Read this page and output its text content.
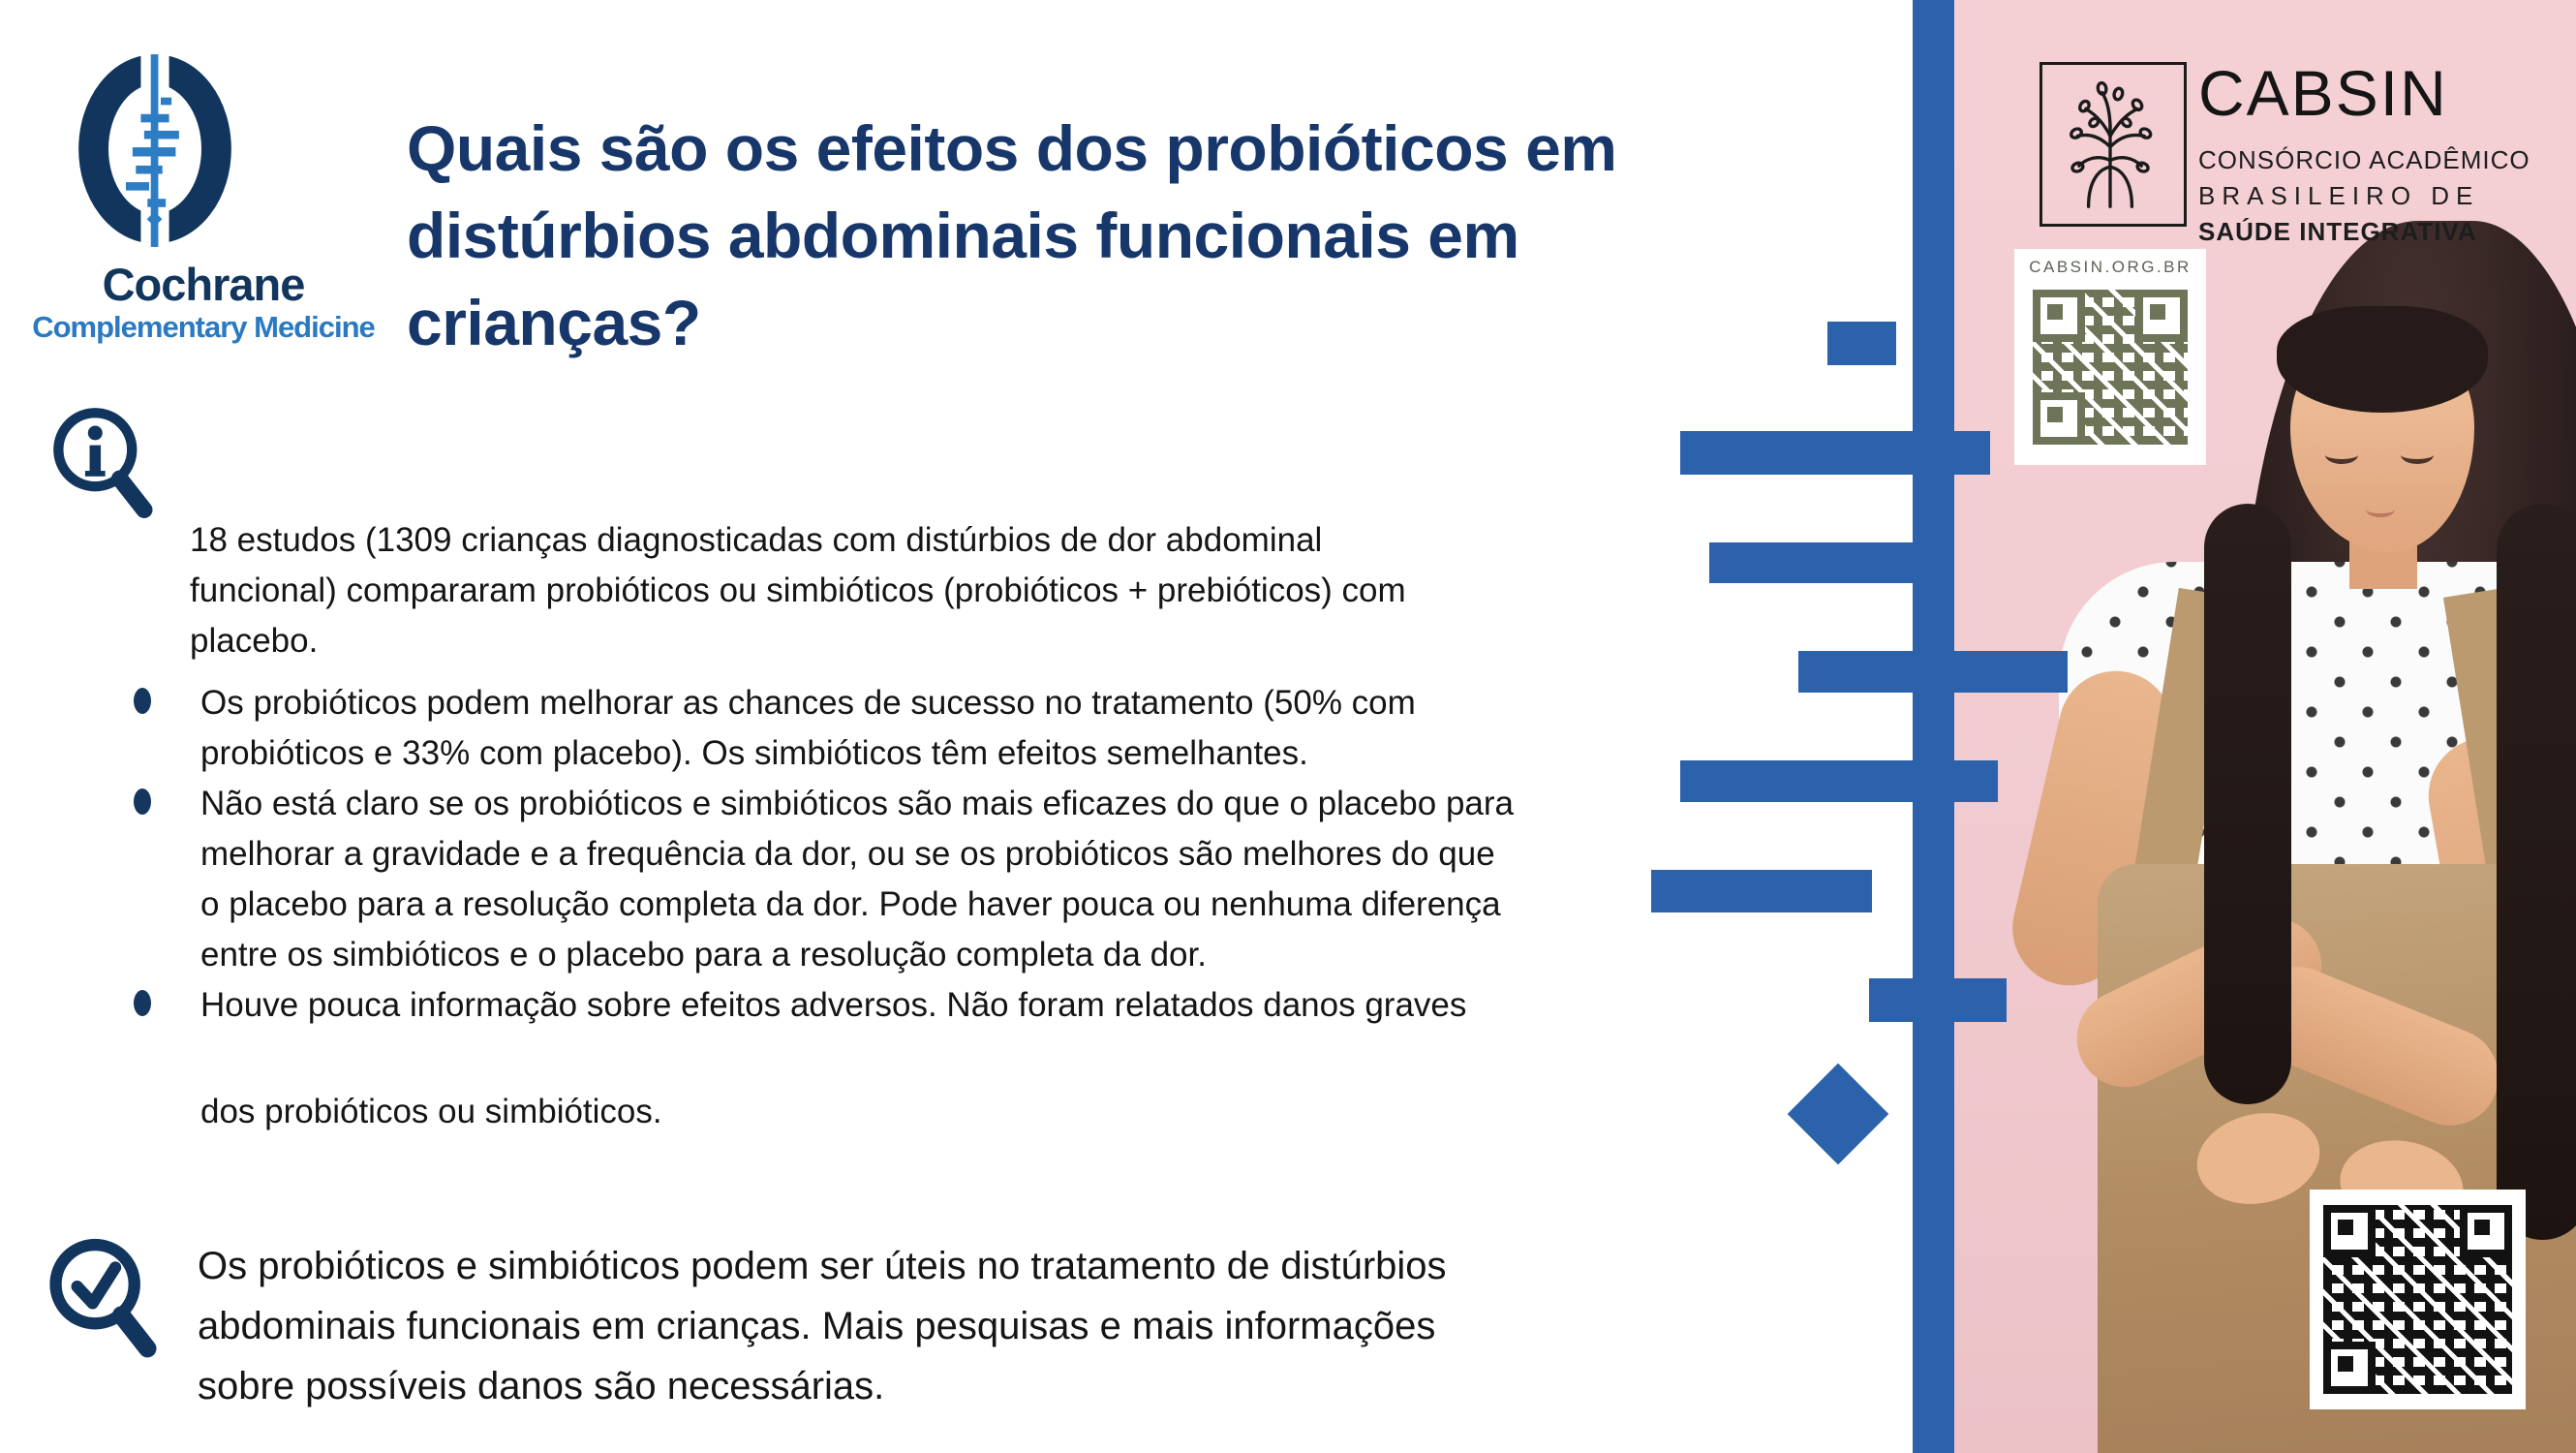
Cochrane
Complementary Medicine
Quais são os efeitos dos probióticos em
distúrbios abdominais funcionais em
crianças?
18 estudos (1309 crianças diagnosticadas com distúrbios de dor abdominal
funcional) compararam probióticos ou simbióticos (probióticos + prebióticos) com
placebo.
Os probióticos podem melhorar as chances de sucesso no tratamento (50% com
probióticos e 33% com placebo). Os simbióticos têm efeitos semelhantes.
Não está claro se os probióticos e simbióticos são mais eficazes do que o placebo para
melhorar a gravidade e a frequência da dor, ou se os probióticos são melhores do que
o placebo para a resolução completa da dor. Pode haver pouca ou nenhuma diferença
entre os simbióticos e o placebo para a resolução completa da dor.
Houve pouca informação sobre efeitos adversos. Não foram relatados danos graves
dos probióticos ou simbióticos.
Os probióticos e simbióticos podem ser úteis no tratamento de distúrbios
abdominais funcionais em crianças. Mais pesquisas e mais informações
sobre possíveis danos são necessárias.
CABSIN
CONSÓRCIO ACADÊMICO
BRASILEIRO DE
SAÚDE INTEGRATIVA
CABSIN.ORG.BR
